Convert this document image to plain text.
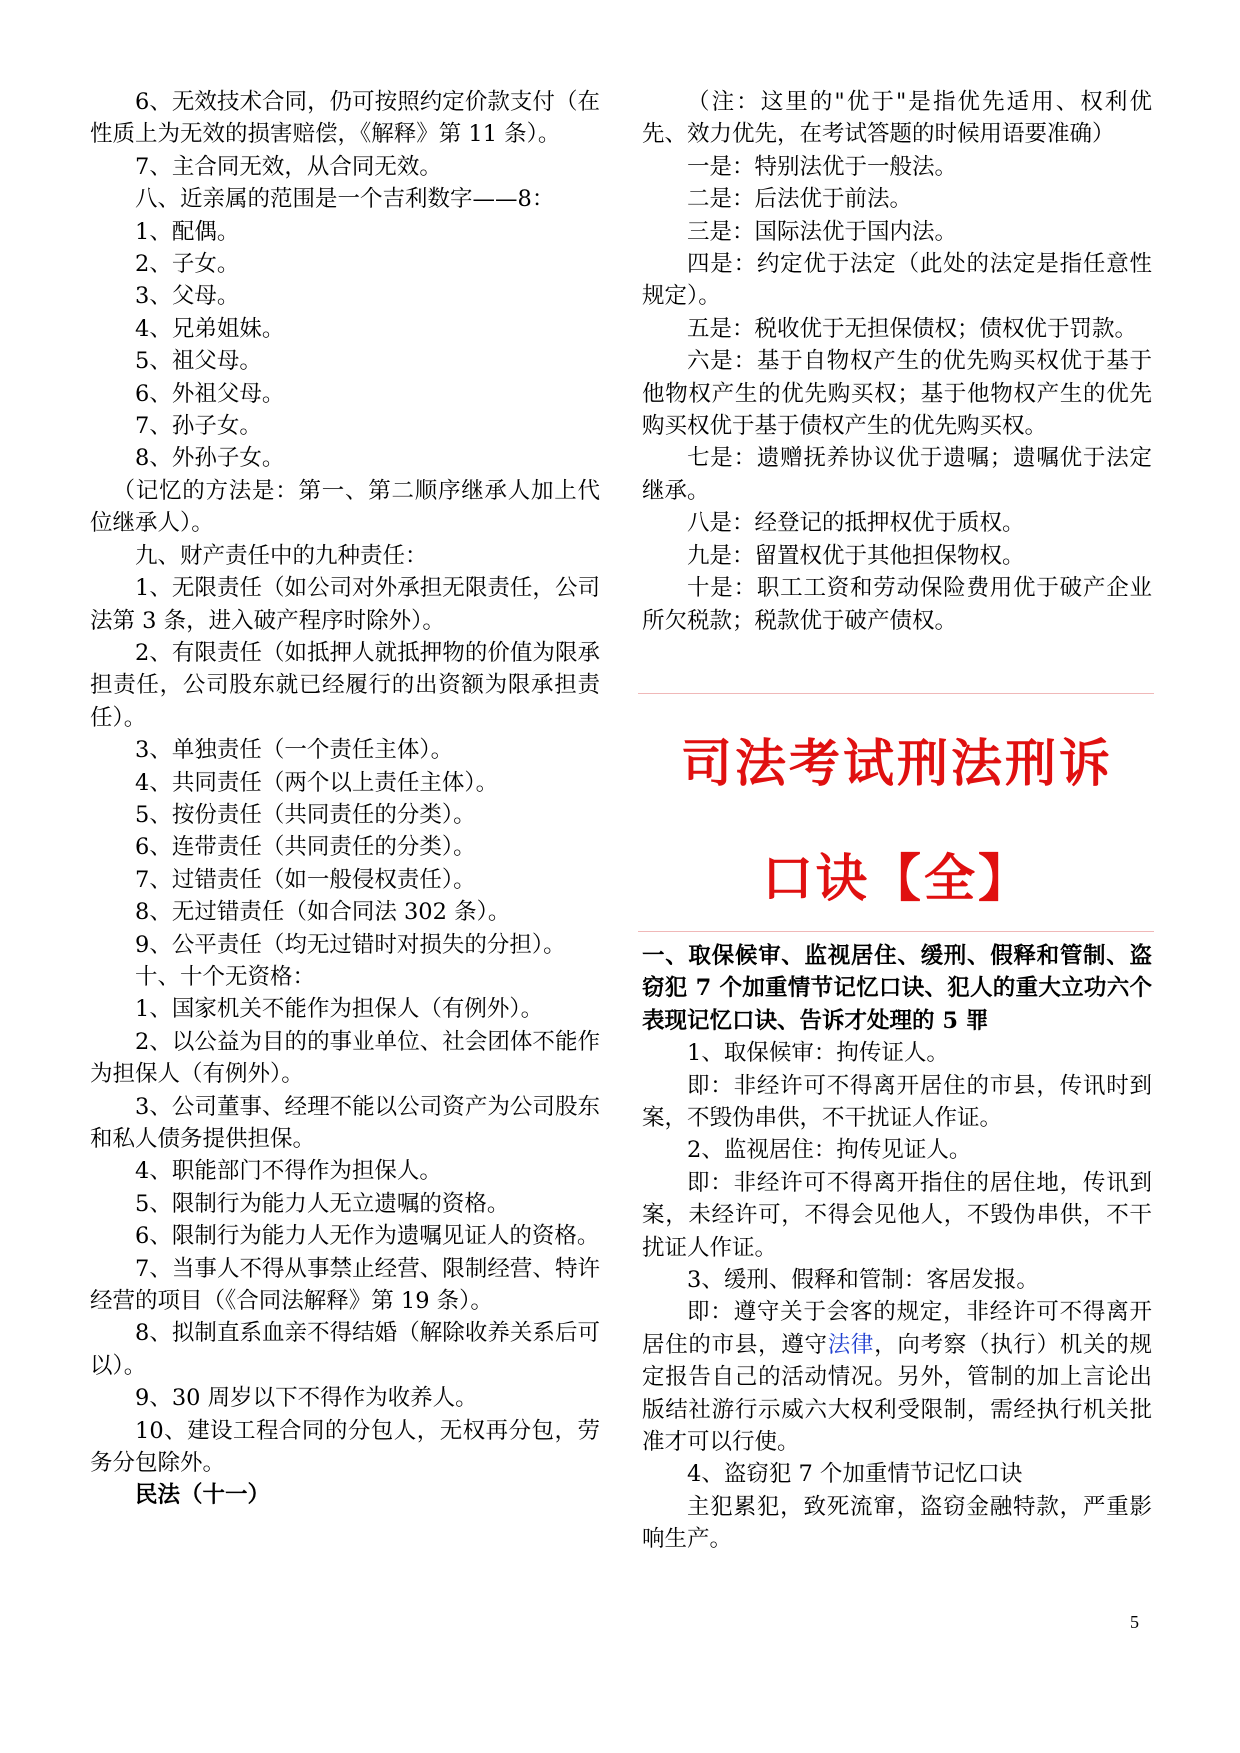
6、无效技术合同，仍可按照约定价款支付（在性质上为无效的损害赔偿，《解释》第 11 条）。

7、主合同无效，从合同无效。

八、近亲属的范围是一个吉利数字——8：

1、配偶。

2、子女。

3、父母。

4、兄弟姐妹。

5、祖父母。

6、外祖父母。

7、孙子女。

8、外孙子女。

（记忆的方法是：第一、第二顺序继承人加上代位继承人）。

九、财产责任中的九种责任：

1、无限责任（如公司对外承担无限责任，公司法第 3 条，进入破产程序时除外）。

2、有限责任（如抵押人就抵押物的价值为限承担责任，公司股东就已经履行的出资额为限承担责任）。

3、单独责任（一个责任主体）。

4、共同责任（两个以上责任主体）。

5、按份责任（共同责任的分类）。

6、连带责任（共同责任的分类）。

7、过错责任（如一般侵权责任）。

8、无过错责任（如合同法 302 条）。

9、公平责任（均无过错时对损失的分担）。

十、十个无资格：

1、国家机关不能作为担保人（有例外）。

2、以公益为目的的事业单位、社会团体不能作为担保人（有例外）。

3、公司董事、经理不能以公司资产为公司股东和私人债务提供担保。

4、职能部门不得作为担保人。

5、限制行为能力人无立遗嘱的资格。

6、限制行为能力人无作为遗嘱见证人的资格。

7、当事人不得从事禁止经营、限制经营、特许经营的项目（《合同法解释》第 19 条）。

8、拟制直系血亲不得结婚（解除收养关系后可以）。

9、30 周岁以下不得作为收养人。

10、建设工程合同的分包人，无权再分包，劳务分包除外。

民法（十一）

（注：这里的"优于"是指优先适用、权利优先、效力优先，在考试答题的时候用语要准确）

一是：特别法优于一般法。

二是：后法优于前法。

三是：国际法优于国内法。

四是：约定优于法定（此处的法定是指任意性规定）。

五是：税收优于无担保债权；债权优于罚款。

六是：基于自物权产生的优先购买权优于基于他物权产生的优先购买权；基于他物权产生的优先购买权优于基于债权产生的优先购买权。

七是：遗赠抚养协议优于遗嘱；遗嘱优于法定继承。

八是：经登记的抵押权优于质权。

九是：留置权优于其他担保物权。

十是：职工工资和劳动保险费用优于破产企业所欠税款；税款优于破产债权。

司法考试刑法刑诉
口诀【全】

一、取保候审、监视居住、缓刑、假释和管制、盗窃犯 7 个加重情节记忆口诀、犯人的重大立功六个表现记忆口诀、告诉才处理的 5 罪

1、取保候审：拘传证人。

即：非经许可不得离开居住的市县，传讯时到案，不毁伪串供，不干扰证人作证。

2、监视居住：拘传见证人。

即：非经许可不得离开指住的居住地，传讯到案，未经许可，不得会见他人，不毁伪串供，不干扰证人作证。

3、缓刑、假释和管制：客居发报。

即：遵守关于会客的规定，非经许可不得离开居住的市县，遵守法律，向考察（执行）机关的规定报告自己的活动情况。另外，管制的加上言论出版结社游行示威六大权利受限制，需经执行机关批准才可以行使。

4、盗窃犯 7 个加重情节记忆口诀

主犯累犯，致死流窜，盗窃金融特款，严重影响生产。

5
